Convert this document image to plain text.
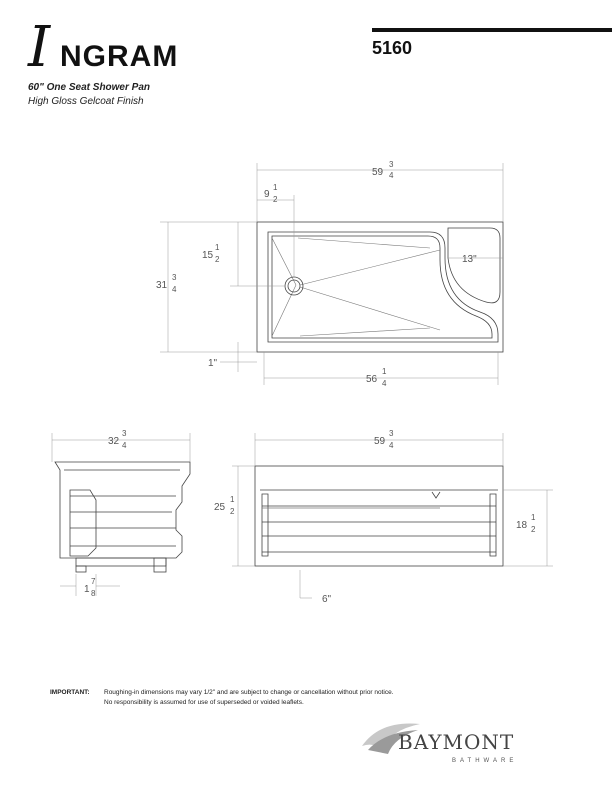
I NGRAM	5160
60" One Seat Shower Pan
High Gloss Gelcoat Finish
59
3
4
9
1
2
15
1
2
31
3
4
13"
1"
56
1
4
32
3
4
1
7
8
59
3
4
25
1
2
18
1
2
6"
IMPORTANT: Roughing-in dimensions may vary 1/2" and are subject to change or cancellation without prior notice.
No responsibility is assumed for use of superseded or voided leaflets.
BAYMONT
BATHWARE
